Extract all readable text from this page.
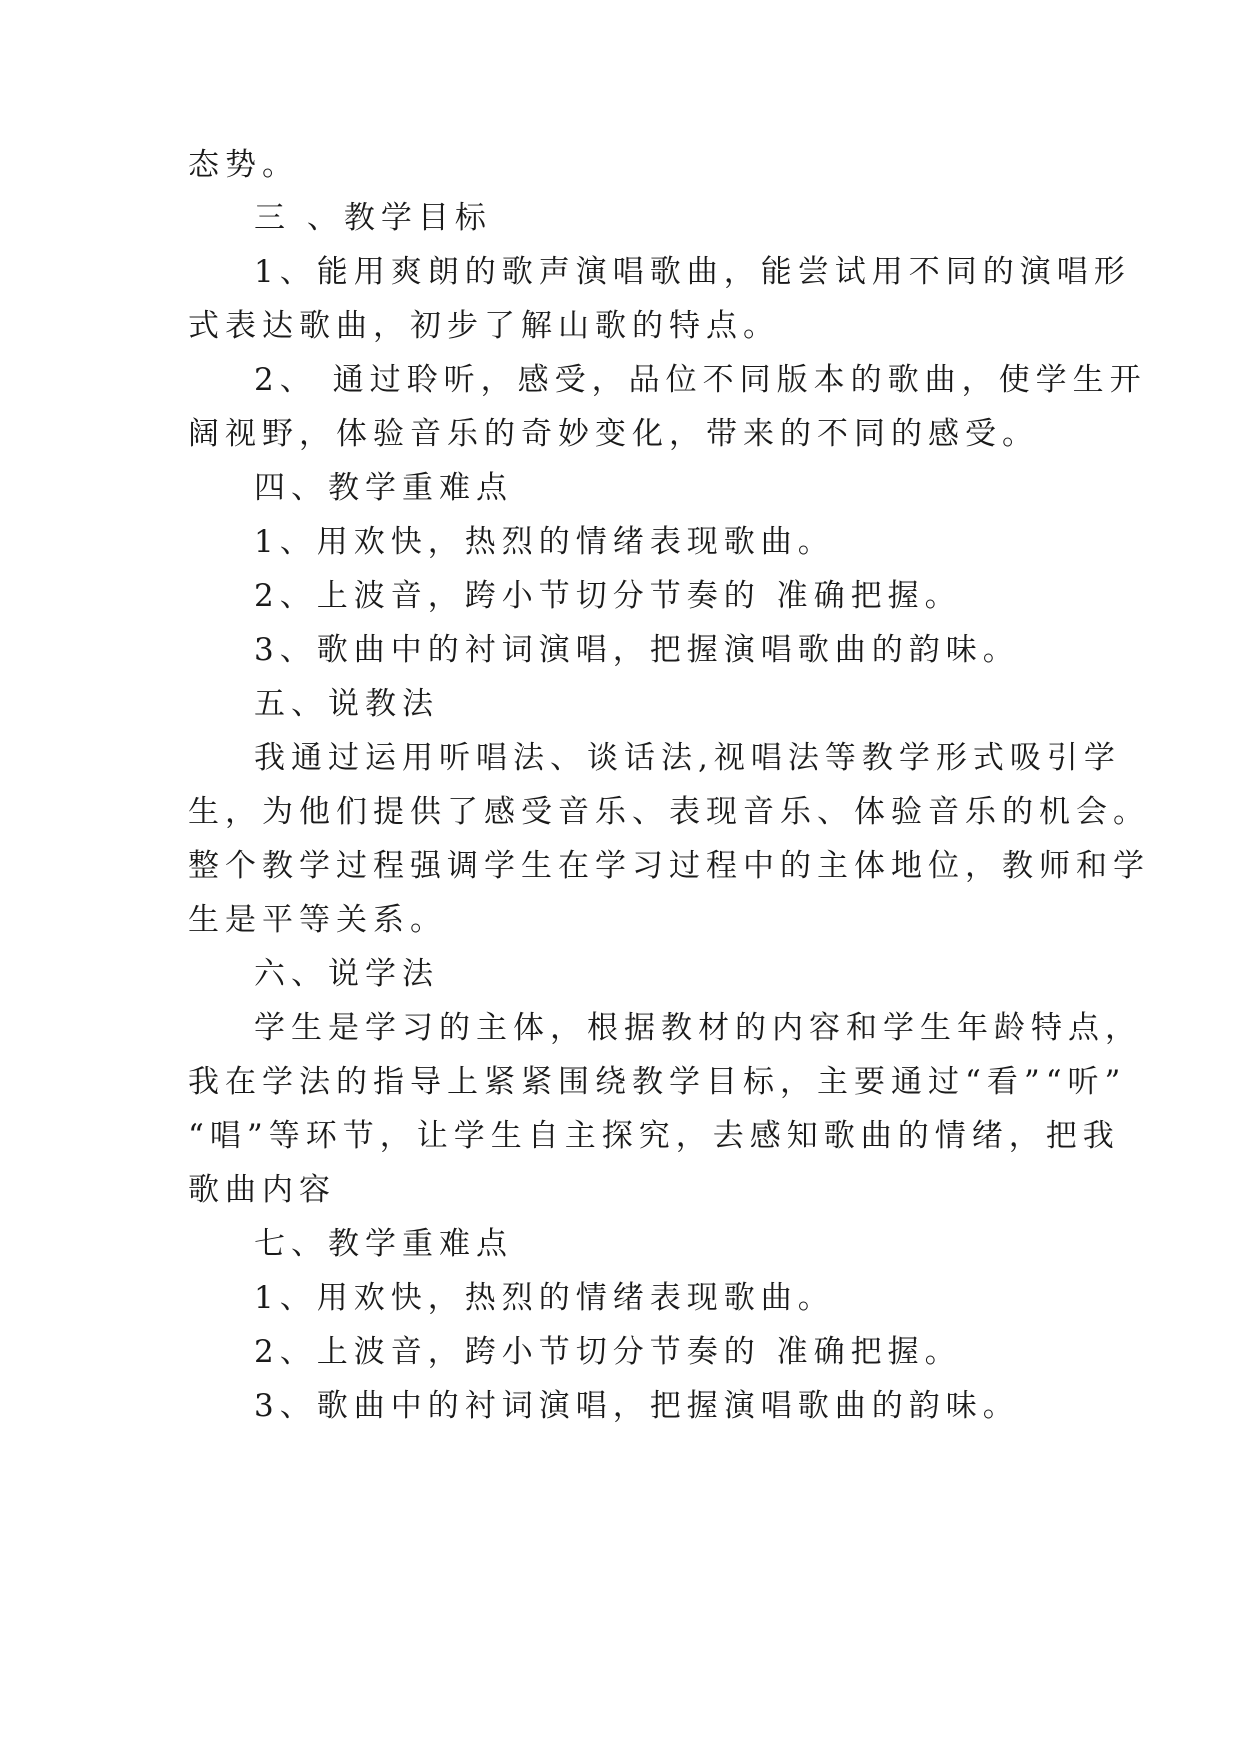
态势。
三 、教学目标
1、能用爽朗的歌声演唱歌曲，能尝试用不同的演唱形
式表达歌曲，初步了解山歌的特点。
2、 通过聆听，感受，品位不同版本的歌曲，使学生开
阔视野，体验音乐的奇妙变化，带来的不同的感受。
四、教学重难点
1、用欢快，热烈的情绪表现歌曲。
2、上波音，跨小节切分节奏的 准确把握。
3、歌曲中的衬词演唱，把握演唱歌曲的韵味。
五、说教法
我通过运用听唱法、谈话法,视唱法等教学形式吸引学
生，为他们提供了感受音乐、表现音乐、体验音乐的机会。
整个教学过程强调学生在学习过程中的主体地位，教师和学
生是平等关系。
六、说学法
学生是学习的主体，根据教材的内容和学生年龄特点，
我在学法的指导上紧紧围绕教学目标，主要通过“看”“听”
“唱”等环节，让学生自主探究，去感知歌曲的情绪，把我
歌曲内容
七、教学重难点
1、用欢快，热烈的情绪表现歌曲。
2、上波音，跨小节切分节奏的 准确把握。
3、歌曲中的衬词演唱，把握演唱歌曲的韵味。
